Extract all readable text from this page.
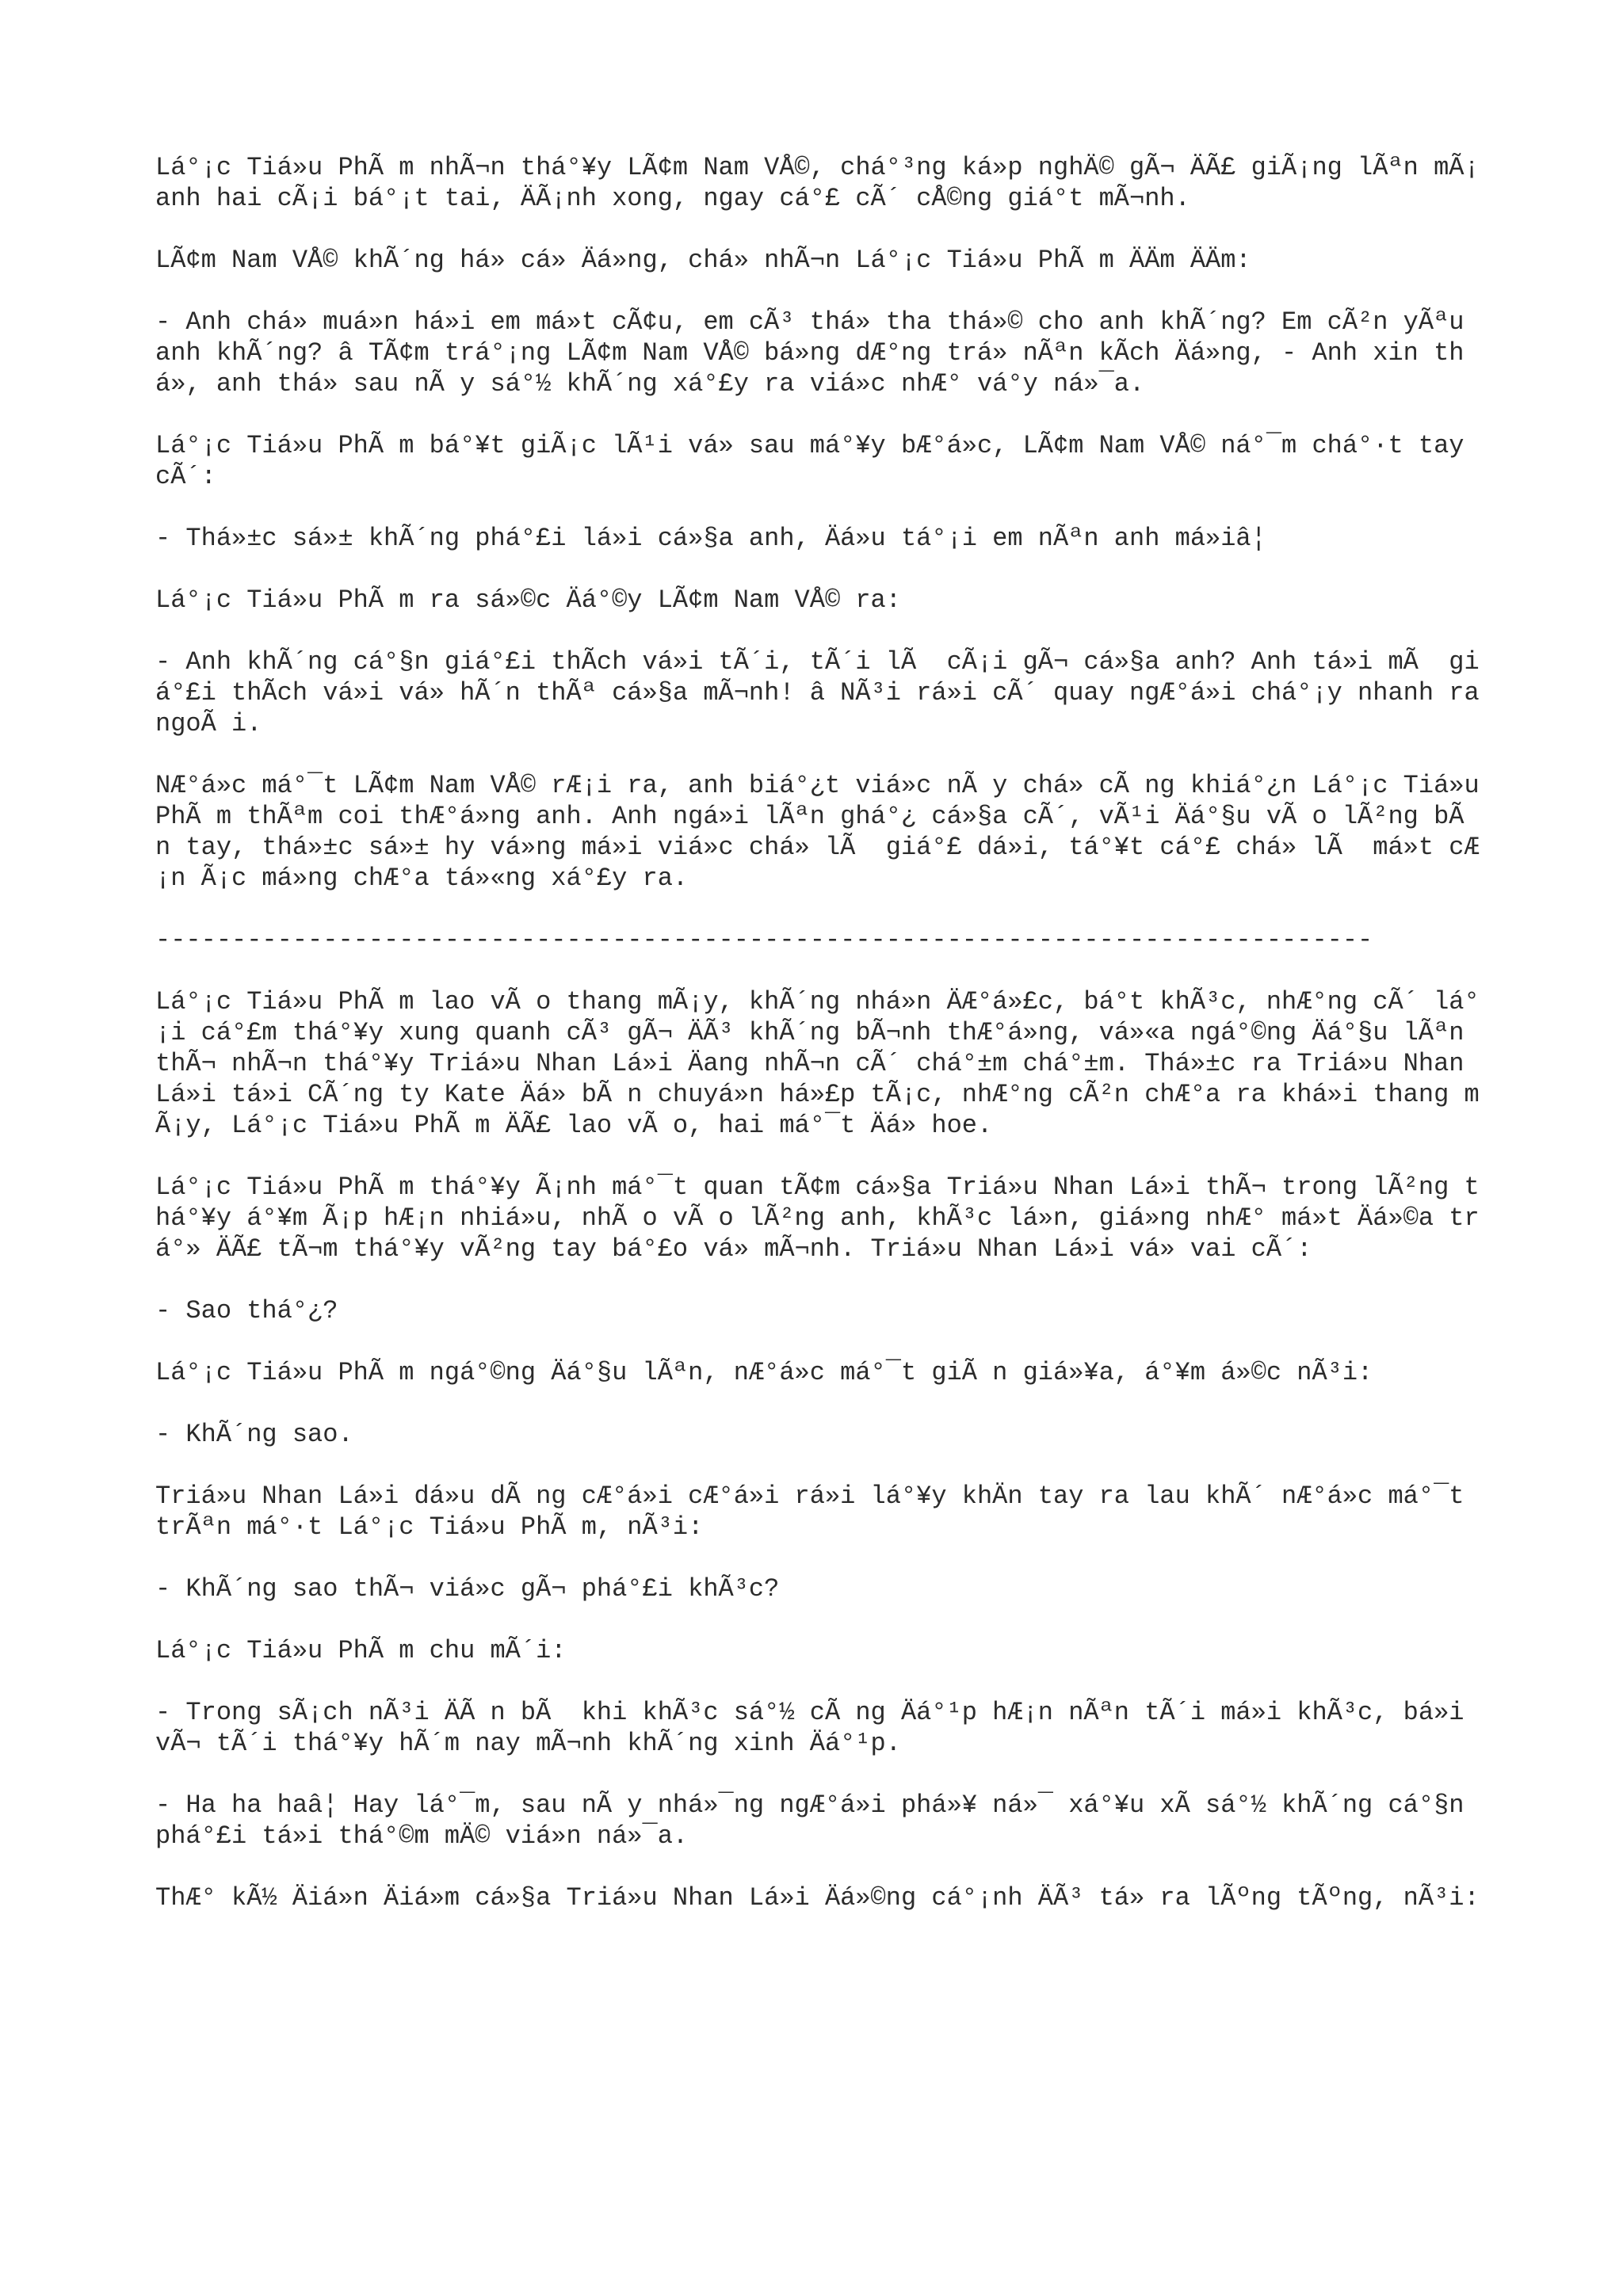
Lá°¡c Tiá»u PhÃ m nhÃ¬n thá°¥y LÃ¢m Nam VÅ©, chá°³ng ká»p nghÄ© gÃ¬ ÄÃ£ giÃ¡ng lÃªn mÃ¡ anh hai cÃ¡i bá°¡t tai, ÄÃ¡nh xong, ngay cá°£ cÃ´ cÅ©ng giá°t mÃ¬nh.

LÃ¢m Nam VÅ© khÃ´ng há» cá» Äá»ng, chá» nhÃ¬n Lá°¡c Tiá»u PhÃ m ÄÄm ÄÄm:

- Anh chá» muá»n há»i em má»t cÃ¢u, em cÃ³ thá» tha thá»© cho anh khÃ´ng? Em cÃ²n yÃªu anh khÃ´ng? â TÃ¢m trá°¡ng LÃ¢m Nam VÅ© bá»ng dÆ°ng trá» nÃªn kÃch Äá»ng, - Anh xin thá», anh thá» sau nÃ y sá°½ khÃ´ng xá°£y ra viá»c nhÆ° vá°y ná»¯a.

Lá°¡c Tiá»u PhÃ m bá°¥t giÃ¡c lÃ¹i vá» sau má°¥y bÆ°á»c, LÃ¢m Nam VÅ© ná°¯m chá°·t tay cÃ´:

- Thá»±c sá»± khÃ´ng phá°£i lá»i cá»§a anh, Äá»u tá°¡i em nÃªn anh má»iâ¦

Lá°¡c Tiá»u PhÃ m ra sá»©c Äá°©y LÃ¢m Nam VÅ© ra:

- Anh khÃ´ng cá°§n giá°£i thÃch vá»i tÃ´i, tÃ´i lÃ  cÃ¡i gÃ¬ cá»§a anh? Anh tá»i mÃ  giá°£i thÃch vá»i vá» hÃ´n thÃª cá»§a mÃ¬nh! â NÃ³i rá»i cÃ´ quay ngÆ°á»i chá°¡y nhanh ra ngoÃ i.

NÆ°á»c má°¯t LÃ¢m Nam VÅ© rÆ¡i ra, anh biá°¿t viá»c nÃ y chá» cÃ ng khiá°¿n Lá°¡c Tiá»u PhÃ m thÃªm coi thÆ°á»ng anh. Anh ngá»i lÃªn ghá°¿ cá»§a cÃ´, vÃ¹i Äá°§u vÃ o lÃ²ng bÃ n tay, thá»±c sá»± hy vá»ng má»i viá»c chá» lÃ  giá°£ dá»i, tá°¥t cá°£ chá» lÃ  má»t cÆ¡n Ã¡c má»ng chÆ°a tá»«ng xá°£y ra.

--------------------------------------------------------------------------------

Lá°¡c Tiá»u PhÃ m lao vÃ o thang mÃ¡y, khÃ´ng nhá»n ÄÆ°á»£c, bá°t khÃ³c, nhÆ°ng cÃ´ lá°¡i cá°£m thá°¥y xung quanh cÃ³ gÃ¬ ÄÃ³ khÃ´ng bÃ¬nh thÆ°á»ng, vá»«a ngá°©ng Äá°§u lÃªn thÃ¬ nhÃ¬n thá°¥y Triá»u Nhan Lá»i Äang nhÃ¬n cÃ´ chá°±m chá°±m. Thá»±c ra Triá»u Nhan Lá»i tá»i CÃ´ng ty Kate Äá» bÃ n chuyá»n há»£p tÃ¡c, nhÆ°ng cÃ²n chÆ°a ra khá»i thang mÃ¡y, Lá°¡c Tiá»u PhÃ m ÄÃ£ lao vÃ o, hai má°¯t Äá» hoe.

Lá°¡c Tiá»u PhÃ m thá°¥y Ã¡nh má°¯t quan tÃ¢m cá»§a Triá»u Nhan Lá»i thÃ¬ trong lÃ²ng thá°¥y á°¥m Ã¡p hÆ¡n nhiá»u, nhÃ o vÃ o lÃ²ng anh, khÃ³c lá»n, giá»ng nhÆ° má»t Äá»©a trá°» ÄÃ£ tÃ¬m thá°¥y vÃ²ng tay bá°£o vá» mÃ¬nh. Triá»u Nhan Lá»i vá» vai cÃ´:

- Sao thá°¿?

Lá°¡c Tiá»u PhÃ m ngá°©ng Äá°§u lÃªn, nÆ°á»c má°¯t giÃ n giá»¥a, á°¥m á»©c nÃ³i:

- KhÃ´ng sao.

Triá»u Nhan Lá»i dá»u dÃ ng cÆ°á»i cÆ°á»i rá»i lá°¥y khÄn tay ra lau khÃ´ nÆ°á»c má°¯t trÃªn má°·t Lá°¡c Tiá»u PhÃ m, nÃ³i:

- KhÃ´ng sao thÃ¬ viá»c gÃ¬ phá°£i khÃ³c?

Lá°¡c Tiá»u PhÃ m chu mÃ´i:

- Trong sÃ¡ch nÃ³i ÄÃ n bÃ  khi khÃ³c sá°½ cÃ ng Äá°¹p hÆ¡n nÃªn tÃ´i má»i khÃ³c, bá»i vÃ¬ tÃ´i thá°¥y hÃ´m nay mÃ¬nh khÃ´ng xinh Äá°¹p.

- Ha ha haâ¦ Hay lá°¯m, sau nÃ y nhá»¯ng ngÆ°á»i phá»¥ ná»¯ xá°¥u xÃ sá°½ khÃ´ng cá°§n phá°£i tá»i thá°©m mÄ© viá»n ná»¯a.

ThÆ° kÃ½ Äiá»n Äiá»m cá»§a Triá»u Nhan Lá»i Äá»©ng cá°¡nh ÄÃ³ tá» ra lÃºng tÃºng, nÃ³i:
